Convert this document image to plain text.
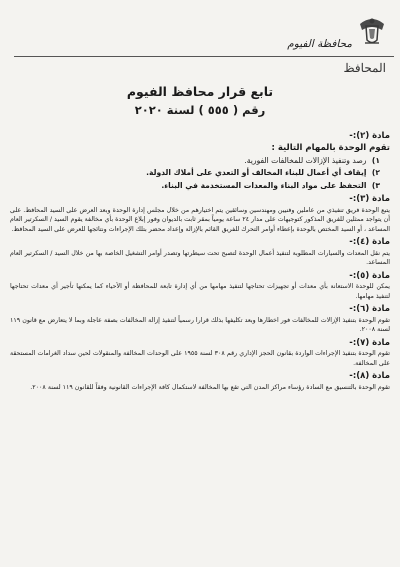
محافظة الفيوم
المحافظ
تابع قرار محافظ الفيوم
رقم ( ٥٥٥ ) لسنة ٢٠٢٠
مادة (٢):-
تقوم الوحدة بالمهام التالية :
١) رصد وتنفيذ الإزالات للمخالفات الفورية.
٢) إيقاف أي أعمال للبناء المخالف أو التعدي على أملاك الدولة.
٣) التحفظ على مواد البناء والمعدات المستخدمة في البناء.
مادة (٣):-
يتبع الوحدة فريق تنفيذي من عاملين وفنيين ومهندسين وسائقين يتم اختيارهم من خلال مجلس إدارة الوحدة وبعد العرض على السيد المحافظ. على أن يتواجد ممثلين للفريق المذكور كتوجيهات على مدار ٢٤ ساعة يومياً بمقر ثابت بالديوان وفور إبلاغ الوحدة بأي مخالفة يقوم السيد / السكرتير العام المساعد ، أو السيد المختص بالوحدة بإعطاء أوامر التحرك للفريق القائم بالإزالة وإعداد محضر بتلك الإجراءات ونتائجها للعرض على السيد المحافظ.
مادة (٤):-
يتم نقل المعدات والسيارات المطلوبة لتنفيذ أعمال الوحدة لتصبح تحت سيطرتها وتصدر أوامر التشغيل الخاصة بها من خلال السيد / السكرتير العام المساعد.
مادة (٥):-
يمكن للوحدة الاستعانة بأي معدات أو تجهيزات تحتاجها لتنفيذ مهامها من أي إدارة تابعة للمحافظة أو الأحياء كما يمكنها تأجير أي معدات تحتاجها لتنفيذ مهامها.
مادة (٦):-
تقوم الوحدة بتنفيذ الإزالات للمخالفات فور اخطارها وبعد تكليفها بذلك قرارا رسمياً لتنفيذ إزالة المخالفات بصفة عاجلة وبما لا يتعارض مع قانون ١١٩ لسنة ٢٠٠٨.
مادة (٧):-
تقوم الوحدة بتنفيذ الإجراءات الواردة بقانون الحجز الإداري رقم ٣٠٨ لسنة ١٩٥٥ على الوحدات المخالفة والمنقولات لحين سداد الغرامات المستحقة على المخالفة.
مادة (٨):-
تقوم الوحدة بالتنسيق مع السادة رؤساء مراكز المدن التي تقع بها المخالفة لاستكمال كافة الإجراءات القانونية وفقاً للقانون ١١٩ لسنة ٢٠٠٨.
